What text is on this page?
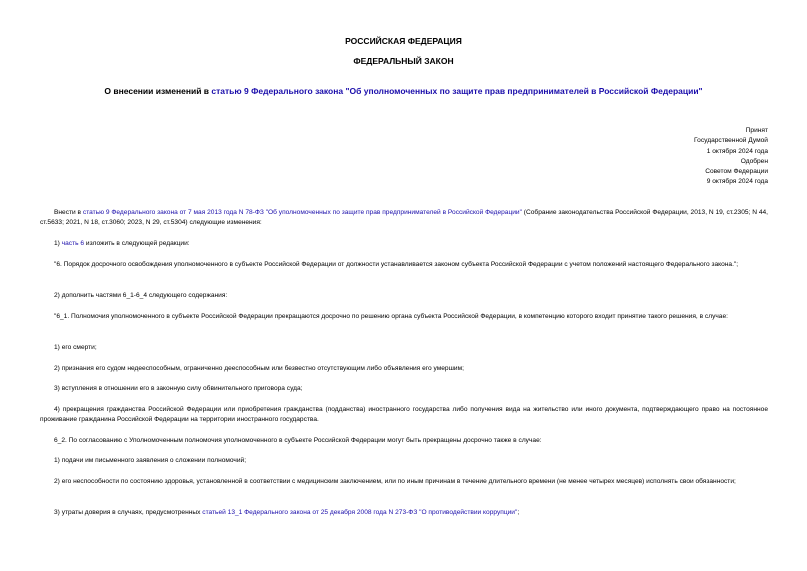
РОССИЙСКАЯ ФЕДЕРАЦИЯ
ФЕДЕРАЛЬНЫЙ ЗАКОН
О внесении изменений в статью 9 Федерального закона "Об уполномоченных по защите прав предпринимателей в Российской Федерации"
Принят
Государственной Думой
1 октября 2024 года
Одобрен
Советом Федерации
9 октября 2024 года
Внести в статью 9 Федерального закона от 7 мая 2013 года N 78-ФЗ "Об уполномоченных по защите прав предпринимателей в Российской Федерации" (Собрание законодательства Российской Федерации, 2013, N 19, ст.2305; N 44, ст.5633; 2021, N 18, ст.3060; 2023, N 29, ст.5304) следующие изменения:
1) часть 6 изложить в следующей редакции:
"6. Порядок досрочного освобождения уполномоченного в субъекте Российской Федерации от должности устанавливается законом субъекта Российской Федерации с учетом положений настоящего Федерального закона.";
2) дополнить частями 6_1-6_4 следующего содержания:
"6_1. Полномочия уполномоченного в субъекте Российской Федерации прекращаются досрочно по решению органа субъекта Российской Федерации, в компетенцию которого входит принятие такого решения, в случае:
1) его смерти;
2) признания его судом недееспособным, ограниченно дееспособным или безвестно отсутствующим либо объявления его умершим;
3) вступления в отношении его в законную силу обвинительного приговора суда;
4) прекращения гражданства Российской Федерации или приобретения гражданства (подданства) иностранного государства либо получения вида на жительство или иного документа, подтверждающего право на постоянное проживание гражданина Российской Федерации на территории иностранного государства.
6_2. По согласованию с Уполномоченным полномочия уполномоченного в субъекте Российской Федерации могут быть прекращены досрочно также в случае:
1) подачи им письменного заявления о сложении полномочий;
2) его неспособности по состоянию здоровья, установленной в соответствии с медицинским заключением, или по иным причинам в течение длительного времени (не менее четырех месяцев) исполнять свои обязанности;
3) утраты доверия в случаях, предусмотренных статьей 13_1 Федерального закона от 25 декабря 2008 года N 273-ФЗ "О противодействии коррупции";
